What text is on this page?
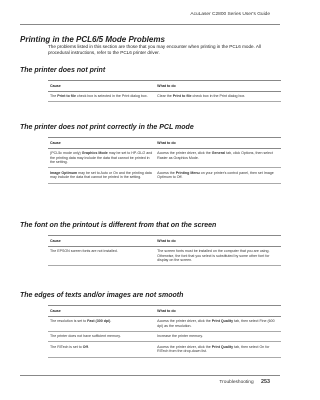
AcuLaser C2800 Series User's Guide
Printing in the PCL6/5 Mode Problems

The problems listed in this section are those that you may encounter when printing in the PCL6 mode. All procedural instructions, refer to the PCL6 printer driver.

The printer does not print
Cause	What to do
The Print to file check box is selected in the Print dialog box.	Clear the Print to file check box in the Print dialog box.
The printer does not print correctly in the PCL mode
Cause	What to do
(PCL5c mode only) Graphics Mode may be set to HP-GL/2 and the printing data may include the data that cannot be printed in the setting.	Access the printer driver, click the General tab, click Options, then select Raster as Graphics Mode.
Image Optimum may be set to Auto or On and the printing data may include the data that cannot be printed in the setting.	Access the Printing Menu on your printer's control panel, then set Image Optimum to Off.
The font on the printout is different from that on the screen
Cause	What to do
The EPSON screen fonts are not installed.	The screen fonts must be installed on the computer that you are using. Otherwise, the font that you select is substituted by some other font for display on the screen.
The edges of texts and/or images are not smooth
Cause	What to do
The resolution is set to Fast (300 dpi).	Access the printer driver, click the Print Quality tab, then select Fine (600 dpi) as the resolution.
The printer does not have sufficient memory.	Increase the printer memory.
The RITech is set to Off.	Access the printer driver, click the Print Quality tab, then select On for RITech from the drop-down list.
Troubleshooting 253
